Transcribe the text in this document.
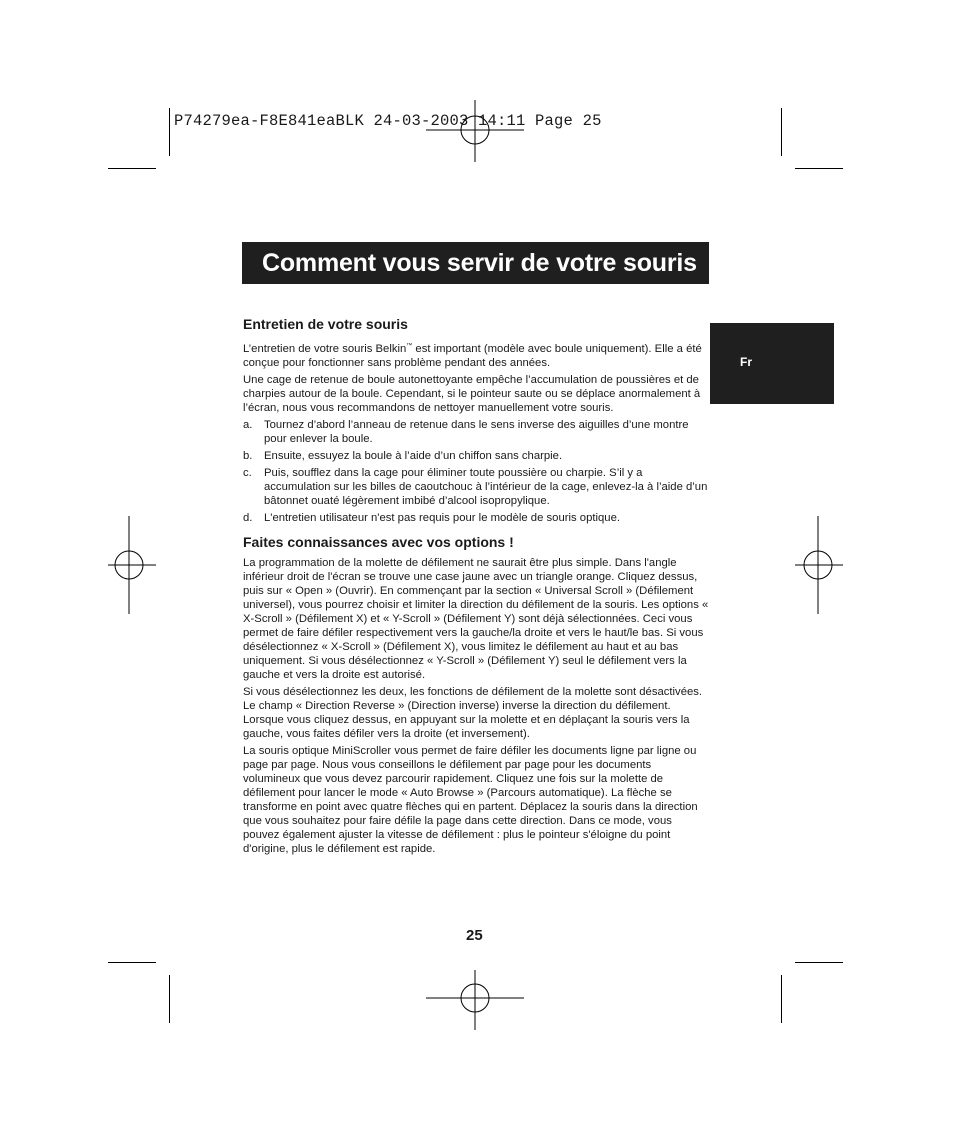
P74279ea-F8E841eaBLK 24-03-2003 14:11 Page 25
Comment vous servir de votre souris
Fr
Entretien de votre souris

L’entretien de votre souris Belkin™ est important (modèle avec boule uniquement). Elle a été conçue pour fonctionner sans problème pendant des années.

Une cage de retenue de boule autonettoyante empêche l’accumulation de poussières et de charpies autour de la boule. Cependant, si le pointeur saute ou se déplace anormalement à l’écran, nous vous recommandons de nettoyer manuellement votre souris.

a. Tournez d’abord l’anneau de retenue dans le sens inverse des aiguilles d’une montre pour enlever la boule.
b. Ensuite, essuyez la boule à l’aide d’un chiffon sans charpie.
c. Puis, soufflez dans la cage pour éliminer toute poussière ou charpie. S’il y a accumulation sur les billes de caoutchouc à l’intérieur de la cage, enlevez-la à l’aide d’un bâtonnet ouaté légèrement imbibé d’alcool isopropylique.
d. L'entretien utilisateur n'est pas requis pour le modèle de souris optique.
Faites connaissances avec vos options !

La programmation de la molette de défilement ne saurait être plus simple. Dans l'angle inférieur droit de l'écran se trouve une case jaune avec un triangle orange. Cliquez dessus, puis sur « Open » (Ouvrir). En commençant par la section « Universal Scroll » (Défilement universel), vous pourrez choisir et limiter la direction du défilement de la souris. Les options « X-Scroll » (Défilement X) et « Y-Scroll » (Défilement Y) sont déjà sélectionnées. Ceci vous permet de faire défiler respectivement vers la gauche/la droite et vers le haut/le bas. Si vous désélectionnez « X-Scroll » (Défilement X), vous limitez le défilement au haut et au bas uniquement. Si vous désélectionnez « Y-Scroll » (Défilement Y) seul le défilement vers la gauche et vers la droite est autorisé.

Si vous désélectionnez les deux, les fonctions de défilement de la molette sont désactivées. Le champ « Direction Reverse » (Direction inverse) inverse la direction du défilement. Lorsque vous cliquez dessus, en appuyant sur la molette et en déplaçant la souris vers la gauche, vous faites défiler vers la droite (et inversement).

La souris optique MiniScroller vous permet de faire défiler les documents ligne par ligne ou page par page. Nous vous conseillons le défilement par page pour les documents volumineux que vous devez parcourir rapidement. Cliquez une fois sur la molette de défilement pour lancer le mode « Auto Browse » (Parcours automatique). La flèche se transforme en point avec quatre flèches qui en partent. Déplacez la souris dans la direction que vous souhaitez pour faire défile la page dans cette direction. Dans ce mode, vous pouvez également ajuster la vitesse de défilement : plus le pointeur s'éloigne du point d'origine, plus le défilement est rapide.

25
